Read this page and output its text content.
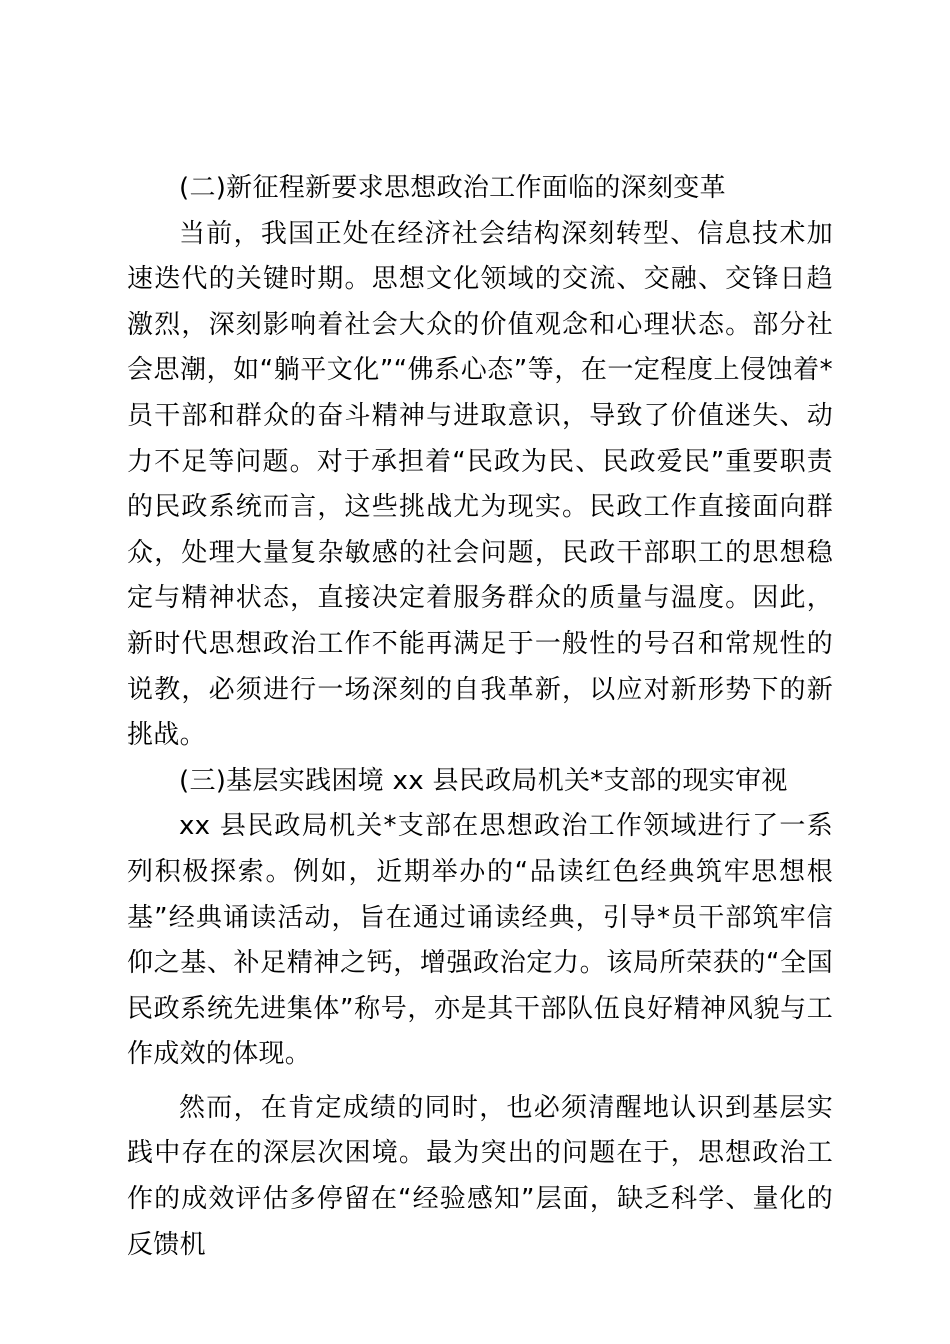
(二)新征程新要求思想政治工作面临的深刻变革

当前，我国正处在经济社会结构深刻转型、信息技术加速迭代的关键时期。思想文化领域的交流、交融、交锋日趋激烈，深刻影响着社会大众的价值观念和心理状态。部分社会思潮，如“躺平文化”“佛系心态”等，在一定程度上侵蚀着*员干部和群众的奋斗精神与进取意识，导致了价值迷失、动力不足等问题。对于承担着“民政为民、民政爱民”重要职责的民政系统而言，这些挑战尤为现实。民政工作直接面向群众，处理大量复杂敏感的社会问题，民政干部职工的思想稳定与精神状态，直接决定着服务群众的质量与温度。因此，新时代思想政治工作不能再满足于一般性的号召和常规性的说教，必须进行一场深刻的自我革新，以应对新形势下的新挑战。

(三)基层实践困境 xx 县民政局机关*支部的现实审视

xx 县民政局机关*支部在思想政治工作领域进行了一系列积极探索。例如，近期举办的“品读红色经典筑牢思想根基”经典诵读活动，旨在通过诵读经典，引导*员干部筑牢信仰之基、补足精神之钙，增强政治定力。该局所荣获的“全国民政系统先进集体”称号，亦是其干部队伍良好精神风貌与工作成效的体现。

然而，在肯定成绩的同时，也必须清醒地认识到基层实践中存在的深层次困境。最为突出的问题在于，思想政治工作的成效评估多停留在“经验感知”层面，缺乏科学、量化的反馈机
